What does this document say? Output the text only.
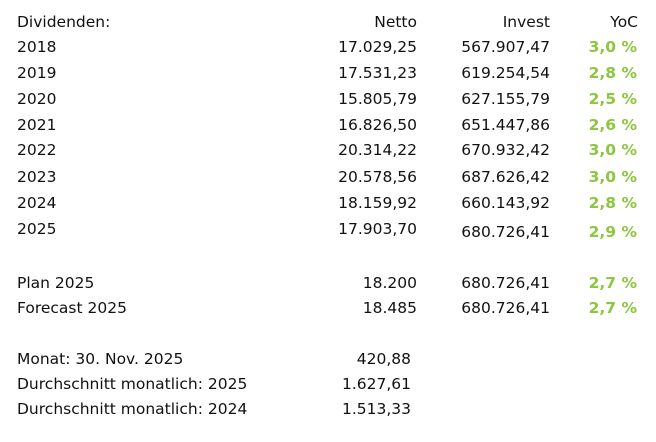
Dividenden:	Netto	Invest	YoC
2018	17.029,25	567.907,47 3,0 %
2019	17.531,23	619.254,54 2,8 %
2020	15.805,79	627.155,79 2,5 %
2021	16.826,50	651.447,86 2,6 %
2022	20.314,22	670.932,42 3,0 %
2023	20.578,56	687.626,42 3,0 %
2024	18.159,92	660.143,92 2,8 %
2025	17.903,70	680.726,41 2,9 %
Plan 2025	18.200	680.726,41 2,7 %
Forecast 2025	18.485	680.726,41 2,7 %
Monat: 30. Nov. 2025	420,88
Durchschnitt monatlich: 2025	1.627,61
Durchschnitt monatlich: 2024	1.513,33
